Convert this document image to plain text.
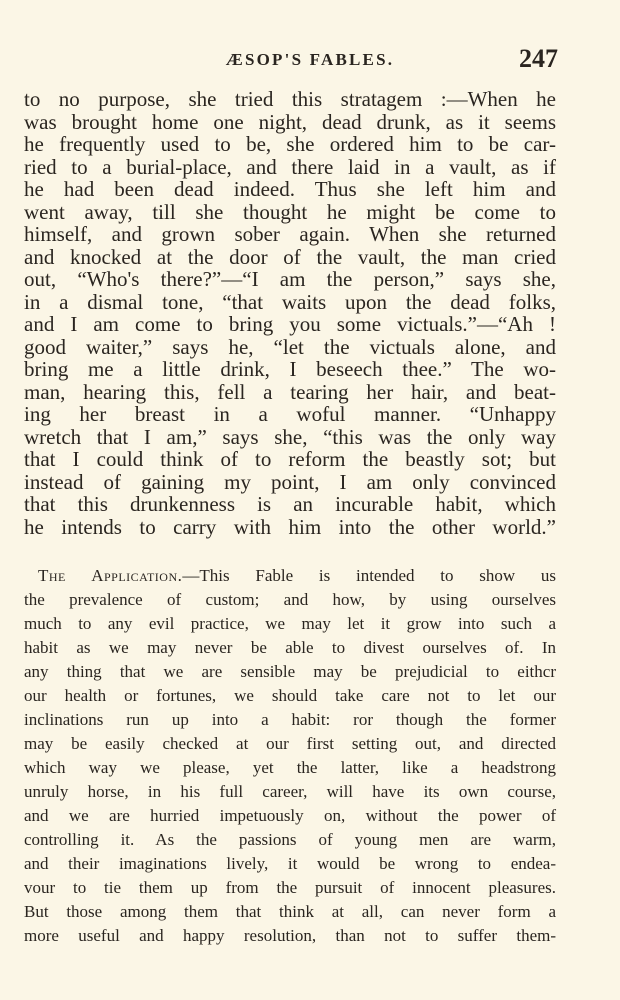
ÆSOP'S FABLES.	247
to no purpose, she tried this stratagem :—When he
was brought home one night, dead drunk, as it seems
he frequently used to be, she ordered him to be car-
ried to a burial-place, and there laid in a vault, as if
he had been dead indeed. Thus she left him and
went away, till she thought he might be come to
himself, and grown sober again. When she returned
and knocked at the door of the vault, the man cried
out, “Who's there?”—“I am the person,” says she,
in a dismal tone, “that waits upon the dead folks,
and I am come to bring you some victuals.”—“Ah !
good waiter,” says he, “let the victuals alone, and
bring me a little drink, I beseech thee.” The wo-
man, hearing this, fell a tearing her hair, and beat-
ing her breast in a woful manner. “Unhappy
wretch that I am,” says she, “this was the only way
that I could think of to reform the beastly sot; but
instead of gaining my point, I am only convinced
that this drunkenness is an incurable habit, which
he intends to carry with him into the other world.”
The Application.—This Fable is intended to show us
the prevalence of custom; and how, by using ourselves
much to any evil practice, we may let it grow into such a
habit as we may never be able to divest ourselves of. In
any thing that we are sensible may be prejudicial to eithcr
our health or fortunes, we should take care not to let our
inclinations run up into a habit: ror though the former
may be easily checked at our first setting out, and directed
which way we please, yet the latter, like a headstrong
unruly horse, in his full career, will have its own course,
and we are hurried impetuously on, without the power of
controlling it. As the passions of young men are warm,
and their imaginations lively, it would be wrong to endea-
vour to tie them up from the pursuit of innocent pleasures.
But those among them that think at all, can never form a
more useful and happy resolution, than not to suffer them-
